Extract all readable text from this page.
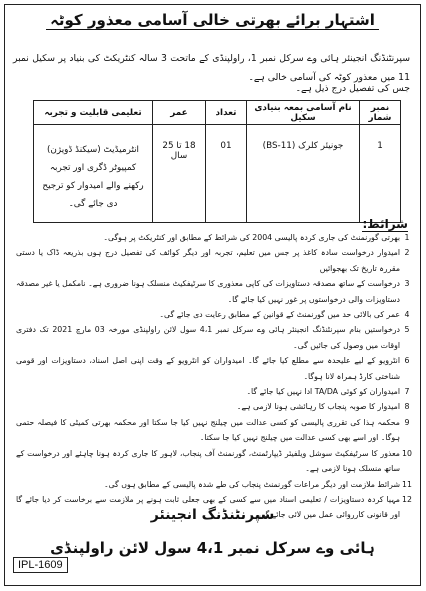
اشتہار برائے بھرتی خالی آسامی معذور کوٹہ
سپرنٹنڈنگ انجینئر ہائی وے سرکل نمبر 1، راولپنڈی کے ماتحت 3 سالہ کنٹریکٹ کی بنیاد پر سکیل نمبر 11 میں معذور کوٹہ کی آسامی خالی ہے۔
جس کی تفصیل درج ذیل ہے۔
نمبر شمار	نام آسامی بمعہ بنیادی سکیل	تعداد	عمر	تعلیمی قابلیت و تجربہ
1	جونیئر کلرک (BS-11)	01	18 تا 25 سال	انٹرمیڈیٹ (سیکنڈ ڈویژن) کمپیوٹر ڈگری اور تجربہ رکھنے والے امیدوار کو ترجیح دی جائے گی۔
شرائط:
1
بھرتی گورنمنٹ کی جاری کردہ پالیسی 2004 کی شرائط کے مطابق اور کنٹریکٹ پر ہوگی۔
2
امیدوار درخواست سادہ کاغذ پر جس میں تعلیم، تجربہ اور دیگر کوائف کی تفصیل درج ہوں بذریعہ ڈاک یا دستی مقررہ تاریخ تک بھجوائیں
3
درخواست کے ساتھ مصدقہ دستاویزات کی کاپی معذوری کا سرٹیفکیٹ منسلک ہونا ضروری ہے۔ نامکمل یا غیر مصدقہ دستاویزات والی درخواستوں پر غور نہیں کیا جائے گا۔
4
عمر کی بالائی حد میں گورنمنٹ کے قوانین کے مطابق رعایت دی جائے گی۔
5
درخواستیں بنام سپرنٹنڈنگ انجینئر ہائی وے سرکل نمبر 4،1 سول لائن راولپنڈی مورخہ 03 مارچ 2021 تک دفتری اوقات میں وصول کی جائیں گی۔
6
انٹرویو کے لیے علیحدہ سے مطلع کیا جائے گا۔ امیدواران کو انٹرویو کے وقت اپنی اصل اسناد، دستاویزات اور قومی شناختی کارڈ ہمراہ لانا ہوگا۔
7
امیدواران کو کوئی TA/DA ادا نہیں کیا جائے گا۔
8
امیدوار کا صوبہ پنجاب کا رہائشی ہونا لازمی ہے۔
9
محکمہ ہذا کی تقرری پالیسی کو کسی عدالت میں چیلنج نہیں کیا جا سکتا اور محکمہ بھرتی کمیٹی کا فیصلہ حتمی ہوگا۔ اور اسے بھی کسی عدالت میں چیلنج نہیں کیا جا سکتا۔
10
معذور کا سرٹیفکیٹ سوشل ویلفیئر ڈیپارٹمنٹ، گورنمنٹ آف پنجاب، لاہور کا جاری کردہ ہونا چاہئے اور درخواست کے ساتھ منسلک ہونا لازمی ہے۔
11
شرائط ملازمت اور دیگر مراعات گورنمنٹ پنجاب کی طے شدہ پالیسی کے مطابق ہوں گی۔
12
مہیا کردہ دستاویزات / تعلیمی اسناد میں سے کسی کے بھی جعلی ثابت ہونے پر ملازمت سے برخاست کر دیا جائے گا اور قانونی کارروائی عمل میں لائی جائے گی۔
سپرنٹنڈنگ انجینئر
ہائی وے سرکل نمبر 4،1 سول لائن راولپنڈی
IPL-1609
